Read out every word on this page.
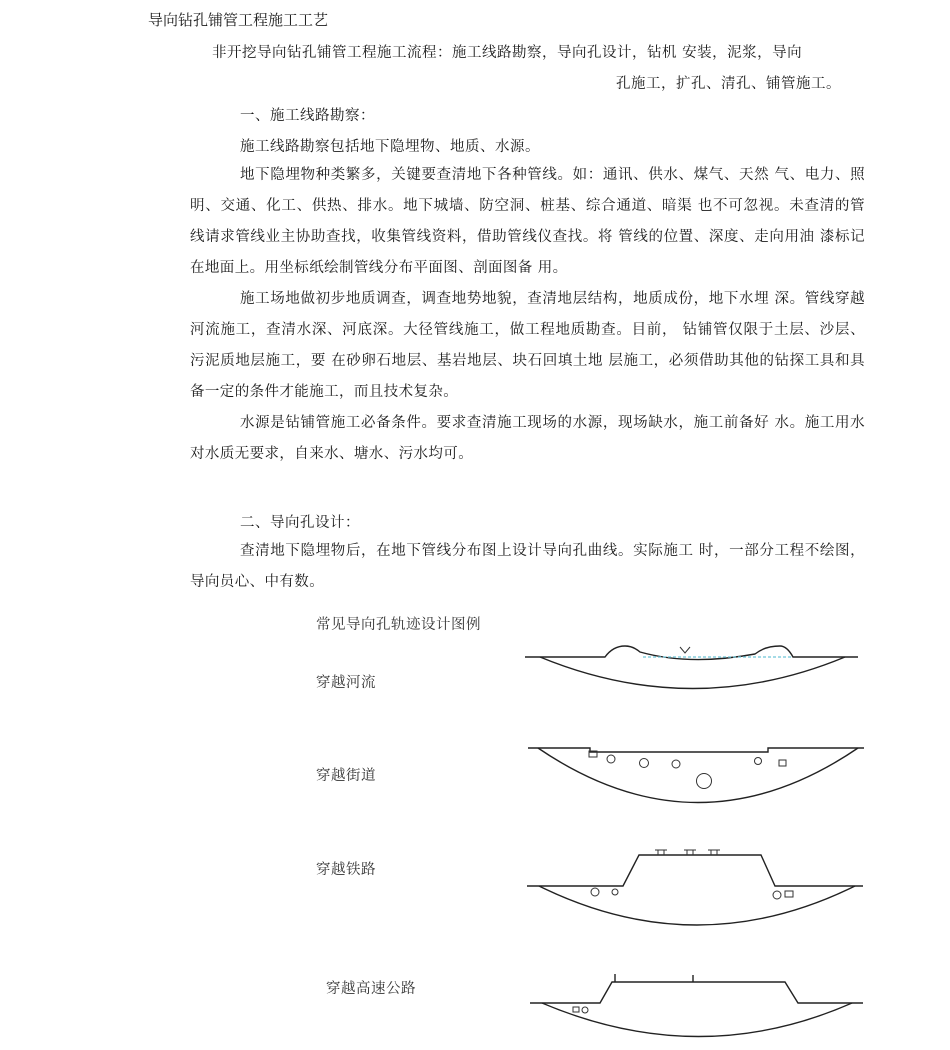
导向钻孔铺管工程施工工艺
非开挖导向钻孔铺管工程施工流程：施工线路勘察，导向孔设计，钻机 安装，泥浆，导向
孔施工，扩孔、清孔、铺管施工。
一、施工线路勘察：
施工线路勘察包括地下隐埋物、地质、水源。

地下隐埋物种类繁多，关键要查清地下各种管线。如：通讯、供水、煤气、天然 气、电力、照明、交通、化工、供热、排水。地下城墙、防空洞、桩基、综合通道、暗渠 也不可忽视。未查清的管线请求管线业主协助查找，收集管线资料，借助管线仪查找。将 管线的位置、深度、走向用油 漆标记在地面上。用坐标纸绘制管线分布平面图、剖面图备 用。

施工场地做初步地质调查，调查地势地貌，查清地层结构，地质成份，地下水埋 深。管线穿越河流施工，查清水深、河底深。大径管线施工，做工程地质勘查。目前， 钻铺管仅限于土层、沙层、污泥质地层施工，要 在砂卵石地层、基岩地层、块石回填土地 层施工，必须借助其他的钻探工具和具备一定的条件才能施工，而且技术复杂。

水源是钻铺管施工必备条件。要求查清施工现场的水源，现场缺水，施工前备好 水。施工用水对水质无要求，自来水、塘水、污水均可。

二、导向孔设计：

查清地下隐埋物后，在地下管线分布图上设计导向孔曲线。实际施工 时，一部分工程不绘图，导向员心、中有数。

常见导向孔轨迹设计图例
穿越河流
穿越街道
穿越铁路
穿越高速公路
